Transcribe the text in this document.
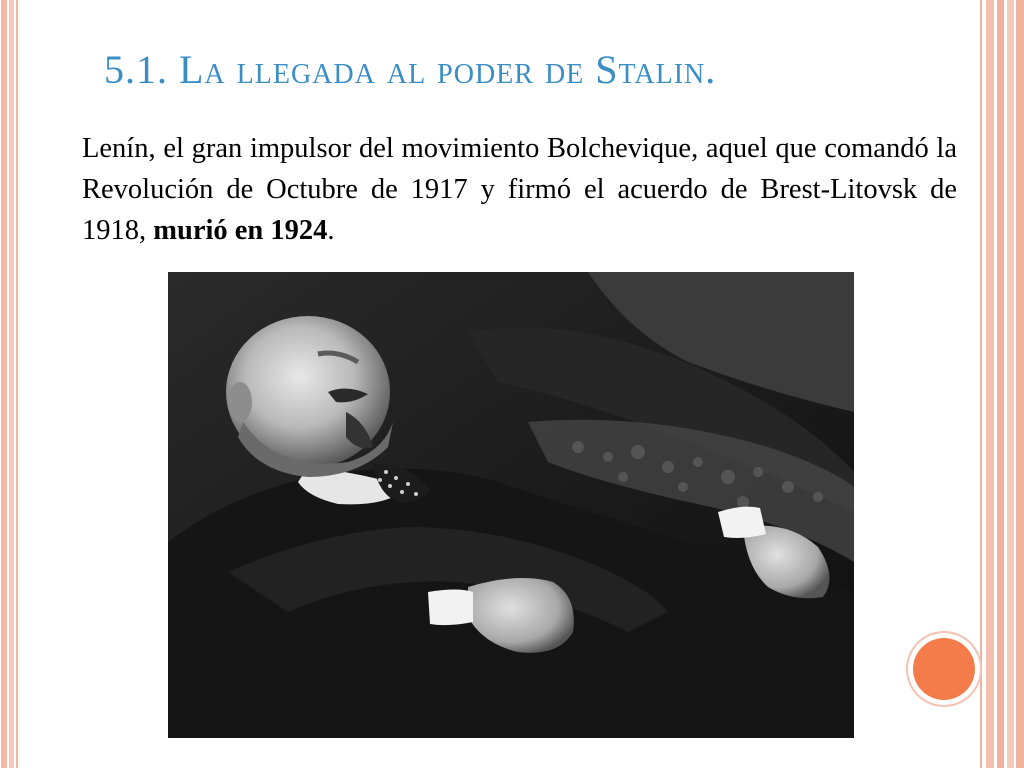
5.1. La llegada al poder de Stalin.
Lenín, el gran impulsor del movimiento Bolchevique, aquel que comandó la Revolución de Octubre de 1917 y firmó el acuerdo de Brest-Litovsk de 1918, murió en 1924.
